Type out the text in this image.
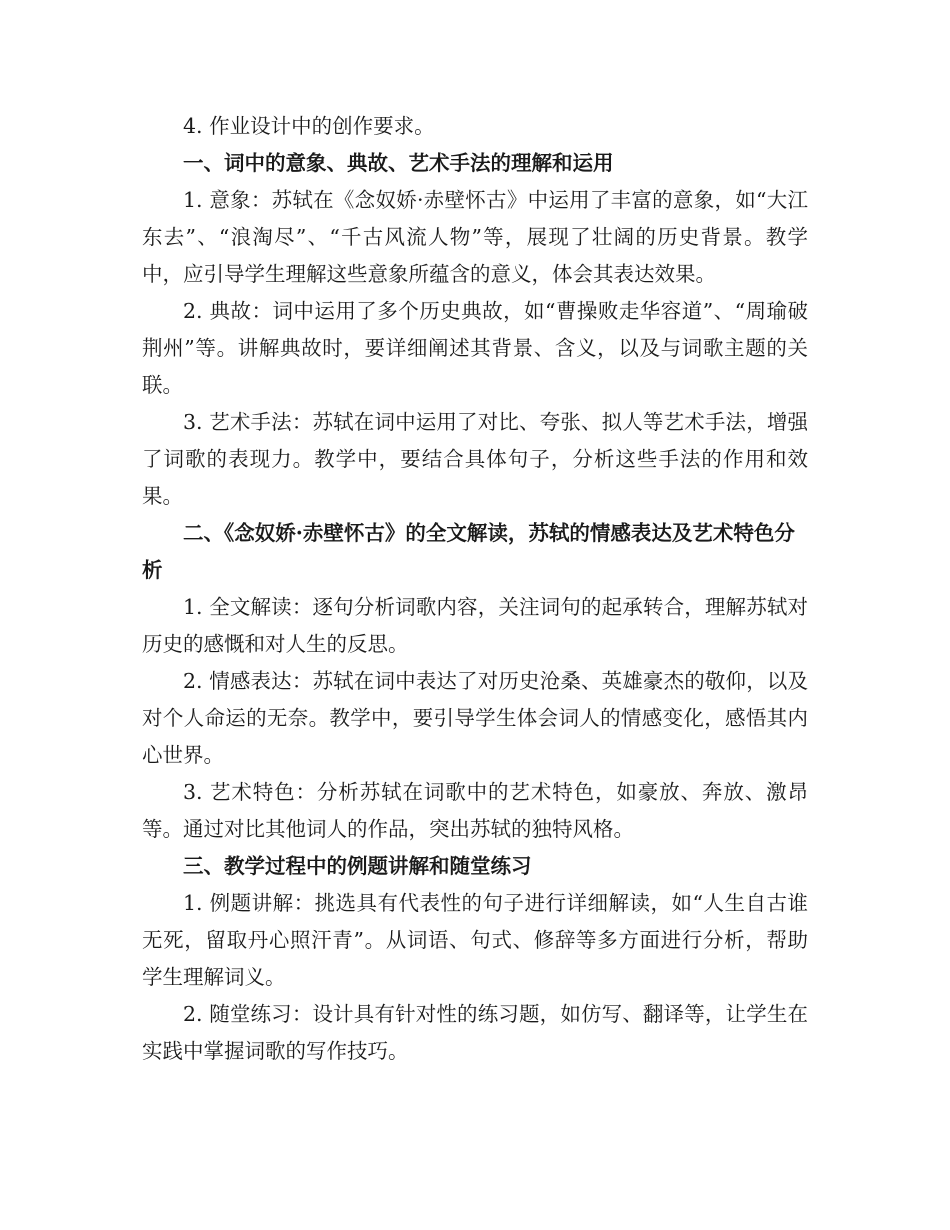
4. 作业设计中的创作要求。

一、词中的意象、典故、艺术手法的理解和运用

1. 意象：苏轼在《念奴娇·赤壁怀古》中运用了丰富的意象，如“大江东去”、“浪淘尽”、“千古风流人物”等，展现了壮阔的历史背景。教学中，应引导学生理解这些意象所蕴含的意义，体会其表达效果。

2. 典故：词中运用了多个历史典故，如“曹操败走华容道”、“周瑜破荆州”等。讲解典故时，要详细阐述其背景、含义，以及与词歌主题的关联。

3. 艺术手法：苏轼在词中运用了对比、夸张、拟人等艺术手法，增强了词歌的表现力。教学中，要结合具体句子，分析这些手法的作用和效果。

二、《念奴娇·赤壁怀古》的全文解读，苏轼的情感表达及艺术特色分析

1. 全文解读：逐句分析词歌内容，关注词句的起承转合，理解苏轼对历史的感慨和对人生的反思。

2. 情感表达：苏轼在词中表达了对历史沧桑、英雄豪杰的敬仰，以及对个人命运的无奈。教学中，要引导学生体会词人的情感变化，感悟其内心世界。

3. 艺术特色：分析苏轼在词歌中的艺术特色，如豪放、奔放、激昂等。通过对比其他词人的作品，突出苏轼的独特风格。

三、教学过程中的例题讲解和随堂练习

1. 例题讲解：挑选具有代表性的句子进行详细解读，如“人生自古谁无死，留取丹心照汗青”。从词语、句式、修辞等多方面进行分析，帮助学生理解词义。

2. 随堂练习：设计具有针对性的练习题，如仿写、翻译等，让学生在实践中掌握词歌的写作技巧。
